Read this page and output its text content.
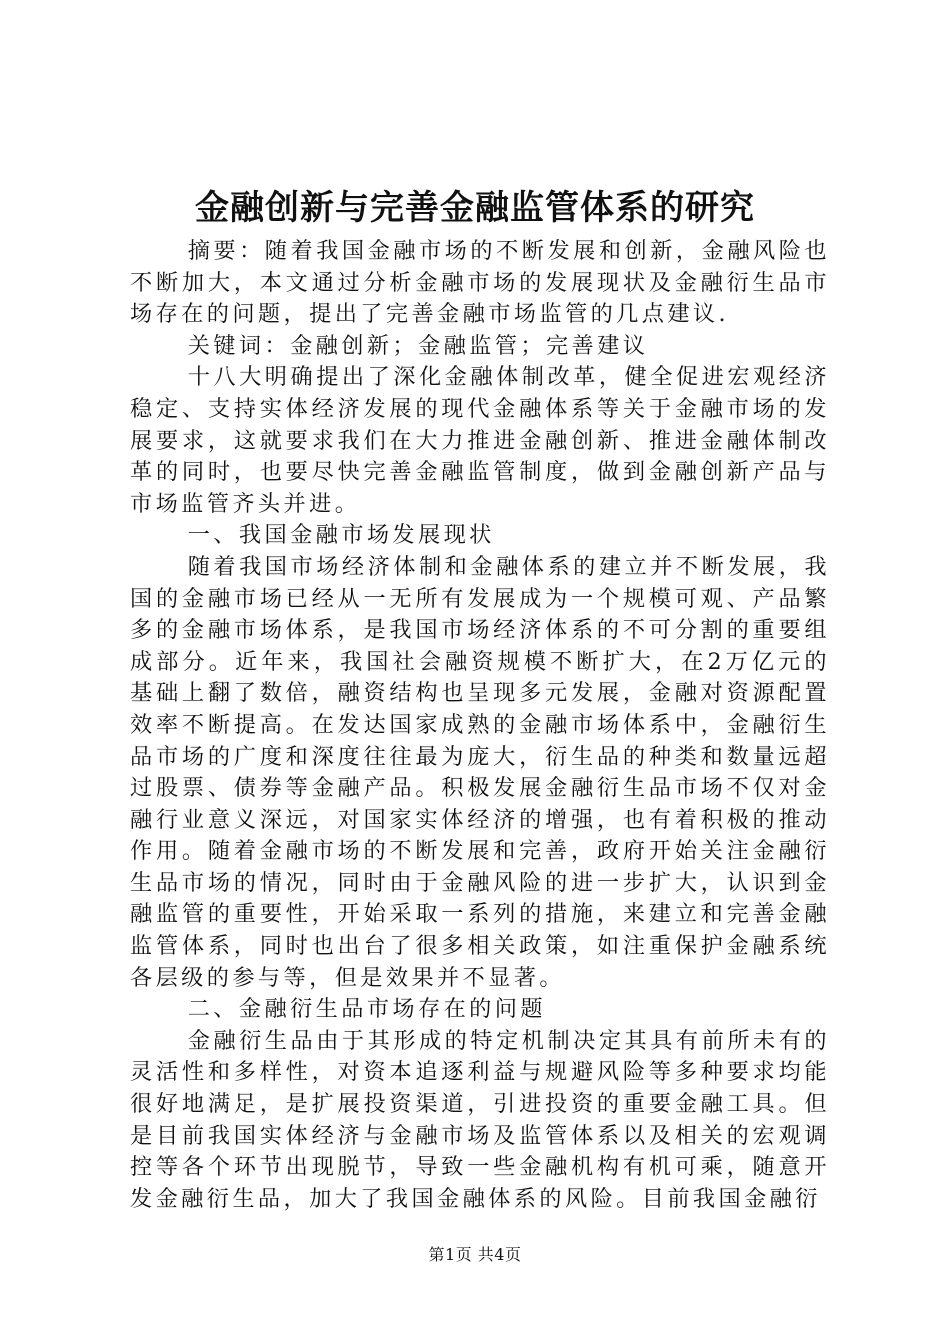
金融创新与完善金融监管体系的研究

摘要：随着我国金融市场的不断发展和创新，金融风险也不断加大，本文通过分析金融市场的发展现状及金融衍生品市场存在的问题，提出了完善金融市场监管的几点建议.

关键词：金融创新；金融监管；完善建议

十八大明确提出了深化金融体制改革，健全促进宏观经济稳定、支持实体经济发展的现代金融体系等关于金融市场的发展要求，这就要求我们在大力推进金融创新、推进金融体制改革的同时，也要尽快完善金融监管制度，做到金融创新产品与市场监管齐头并进。

一、我国金融市场发展现状

随着我国市场经济体制和金融体系的建立并不断发展，我国的金融市场已经从一无所有发展成为一个规模可观、产品繁多的金融市场体系，是我国市场经济体系的不可分割的重要组成部分。近年来，我国社会融资规模不断扩大，在2万亿元的基础上翻了数倍，融资结构也呈现多元发展，金融对资源配置效率不断提高。在发达国家成熟的金融市场体系中，金融衍生品市场的广度和深度往往最为庞大，衍生品的种类和数量远超过股票、债券等金融产品。积极发展金融衍生品市场不仅对金融行业意义深远，对国家实体经济的增强，也有着积极的推动作用。随着金融市场的不断发展和完善，政府开始关注金融衍生品市场的情况，同时由于金融风险的进一步扩大，认识到金融监管的重要性，开始采取一系列的措施，来建立和完善金融监管体系，同时也出台了很多相关政策，如注重保护金融系统各层级的参与等，但是效果并不显著。

二、金融衍生品市场存在的问题

金融衍生品由于其形成的特定机制决定其具有前所未有的灵活性和多样性，对资本追逐利益与规避风险等多种要求均能很好地满足，是扩展投资渠道，引进投资的重要金融工具。但是目前我国实体经济与金融市场及监管体系以及相关的宏观调控等各个环节出现脱节，导致一些金融机构有机可乘，随意开发金融衍生品，加大了我国金融体系的风险。目前我国金融衍

第1页 共4页
